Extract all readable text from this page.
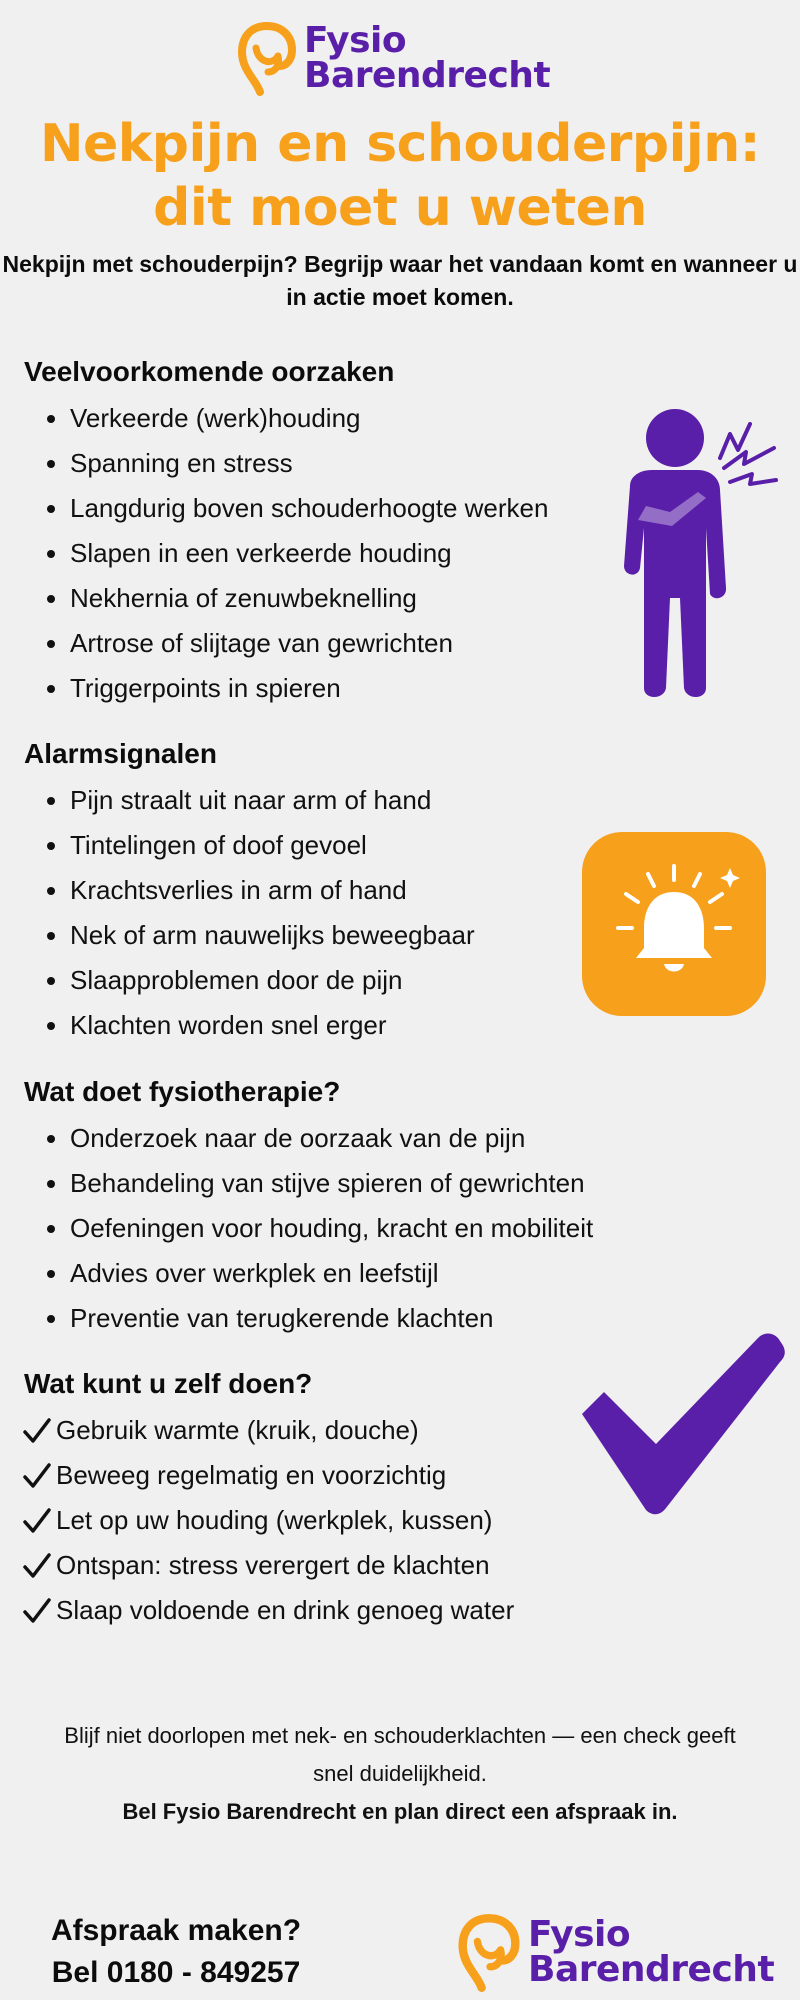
Fysio
Barendrecht
Nekpijn en schouderpijn: dit moet u weten

Nekpijn met schouderpijn? Begrijp waar het vandaan komt en wanneer u in actie moet komen.

Veelvoorkomende oorzaken
• Verkeerde (werk)houding
• Spanning en stress
• Langdurig boven schouderhoogte werken
• Slapen in een verkeerde houding
• Nekhernia of zenuwbeknelling
• Artrose of slijtage van gewrichten
• Triggerpoints in spieren
Alarmsignalen
• Pijn straalt uit naar arm of hand
• Tintelingen of doof gevoel
• Krachtsverlies in arm of hand
• Nek of arm nauwelijks beweegbaar
• Slaapproblemen door de pijn
• Klachten worden snel erger
Wat doet fysiotherapie?
• Onderzoek naar de oorzaak van de pijn
• Behandeling van stijve spieren of gewrichten
• Oefeningen voor houding, kracht en mobiliteit
• Advies over werkplek en leefstijl
• Preventie van terugkerende klachten
Wat kunt u zelf doen?
Gebruik warmte (kruik, douche)
Beweeg regelmatig en voorzichtig
Let op uw houding (werkplek, kussen)
Ontspan: stress verergert de klachten
Slaap voldoende en drink genoeg water

Blijf niet doorlopen met nek- en schouderklachten — een check geeft snel duidelijkheid.
Bel Fysio Barendrecht en plan direct een afspraak in.

Afspraak maken?
Bel 0180 - 849257
Fysio
Barendrecht
